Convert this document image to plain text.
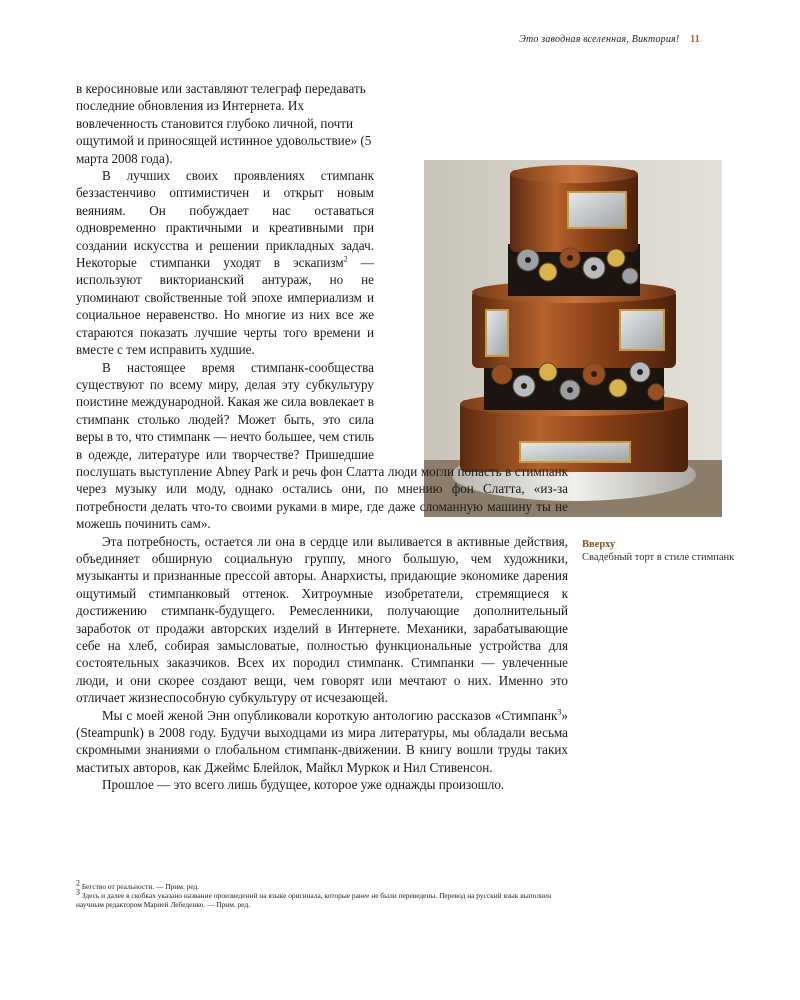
Это заводная вселенная, Виктория! 11

в керосиновые или заставляют телеграф передавать последние обновления из Интернета. Их вовлеченность становится глубоко личной, почти ощутимой и приносящей истинное удовольствие» (5 марта 2008 года).

В лучших своих проявлениях стимпанк беззастенчиво оптимистичен и открыт новым веяниям. Он побуждает нас оставаться одновременно практичными и креативными при создании искусства и решении прикладных задач. Некоторые стимпанки уходят в эскапизм$^2$ — используют викторианский антураж, но не упоминают свойственные той эпохе империализм и социальное неравенство. Но многие из них все же стараются показать лучшие черты того времени и вместе с тем исправить худшие.

В настоящее время стимпанк-сообщества существуют по всему миру, делая эту субкультуру поистине международной. Какая же сила вовлекает в стимпанк столько людей? Может быть, это сила веры в то, что стимпанк — нечто большее, чем стиль в одежде, литературе или творчестве? Пришедшие послушать выступление Abney Park и речь фон Слатта люди могли попасть в стимпанк через музыку или моду, однако остались они, по мнению фон Слатта, «из-за потребности делать что-то своими руками в мире, где даже сломанную машину ты не можешь починить сам».

Эта потребность, остается ли она в сердце или выливается в активные действия, объединяет обширную социальную группу, много большую, чем художники, музыканты и признанные прессой авторы. Анархисты, придающие экономике дарения ощутимый стимпанковый оттенок. Хитроумные изобретатели, стремящиеся к достижению стимпанк-будущего. Ремесленники, получающие дополнительный заработок от продажи авторских изделий в Интернете. Механики, зарабатывающие себе на хлеб, собирая замысловатые, полностью функциональные устройства для состоятельных заказчиков. Всех их породил стимпанк. Стимпанки — увлеченные люди, и они скорее создают вещи, чем говорят или мечтают о них. Именно это отличает жизнеспособную субкультуру от исчезающей.

Мы с моей женой Энн опубликовали короткую антологию рассказов «Стимпанк$^3$» (Steampunk) в 2008 году. Будучи выходцами из мира литературы, мы обладали весьма скромными знаниями о глобальном стимпанк-движении. В книгу вошли труды таких маститых авторов, как Джеймс Блейлок, Майкл Муркок и Нил Стивенсон.

Прошлое — это всего лишь будущее, которое уже однажды произошло.

Вверху
Свадебный торт в стиле стимпанк

$^2$ Бегство от реальности. — Прим. ред.

$^3$ Здесь и далее в скобках указано название произведений на языке оригинала, которые ранее не были переведены. Перевод на русский язык выполнен научным редактором Марией Лебеденко. — Прим. ред.
